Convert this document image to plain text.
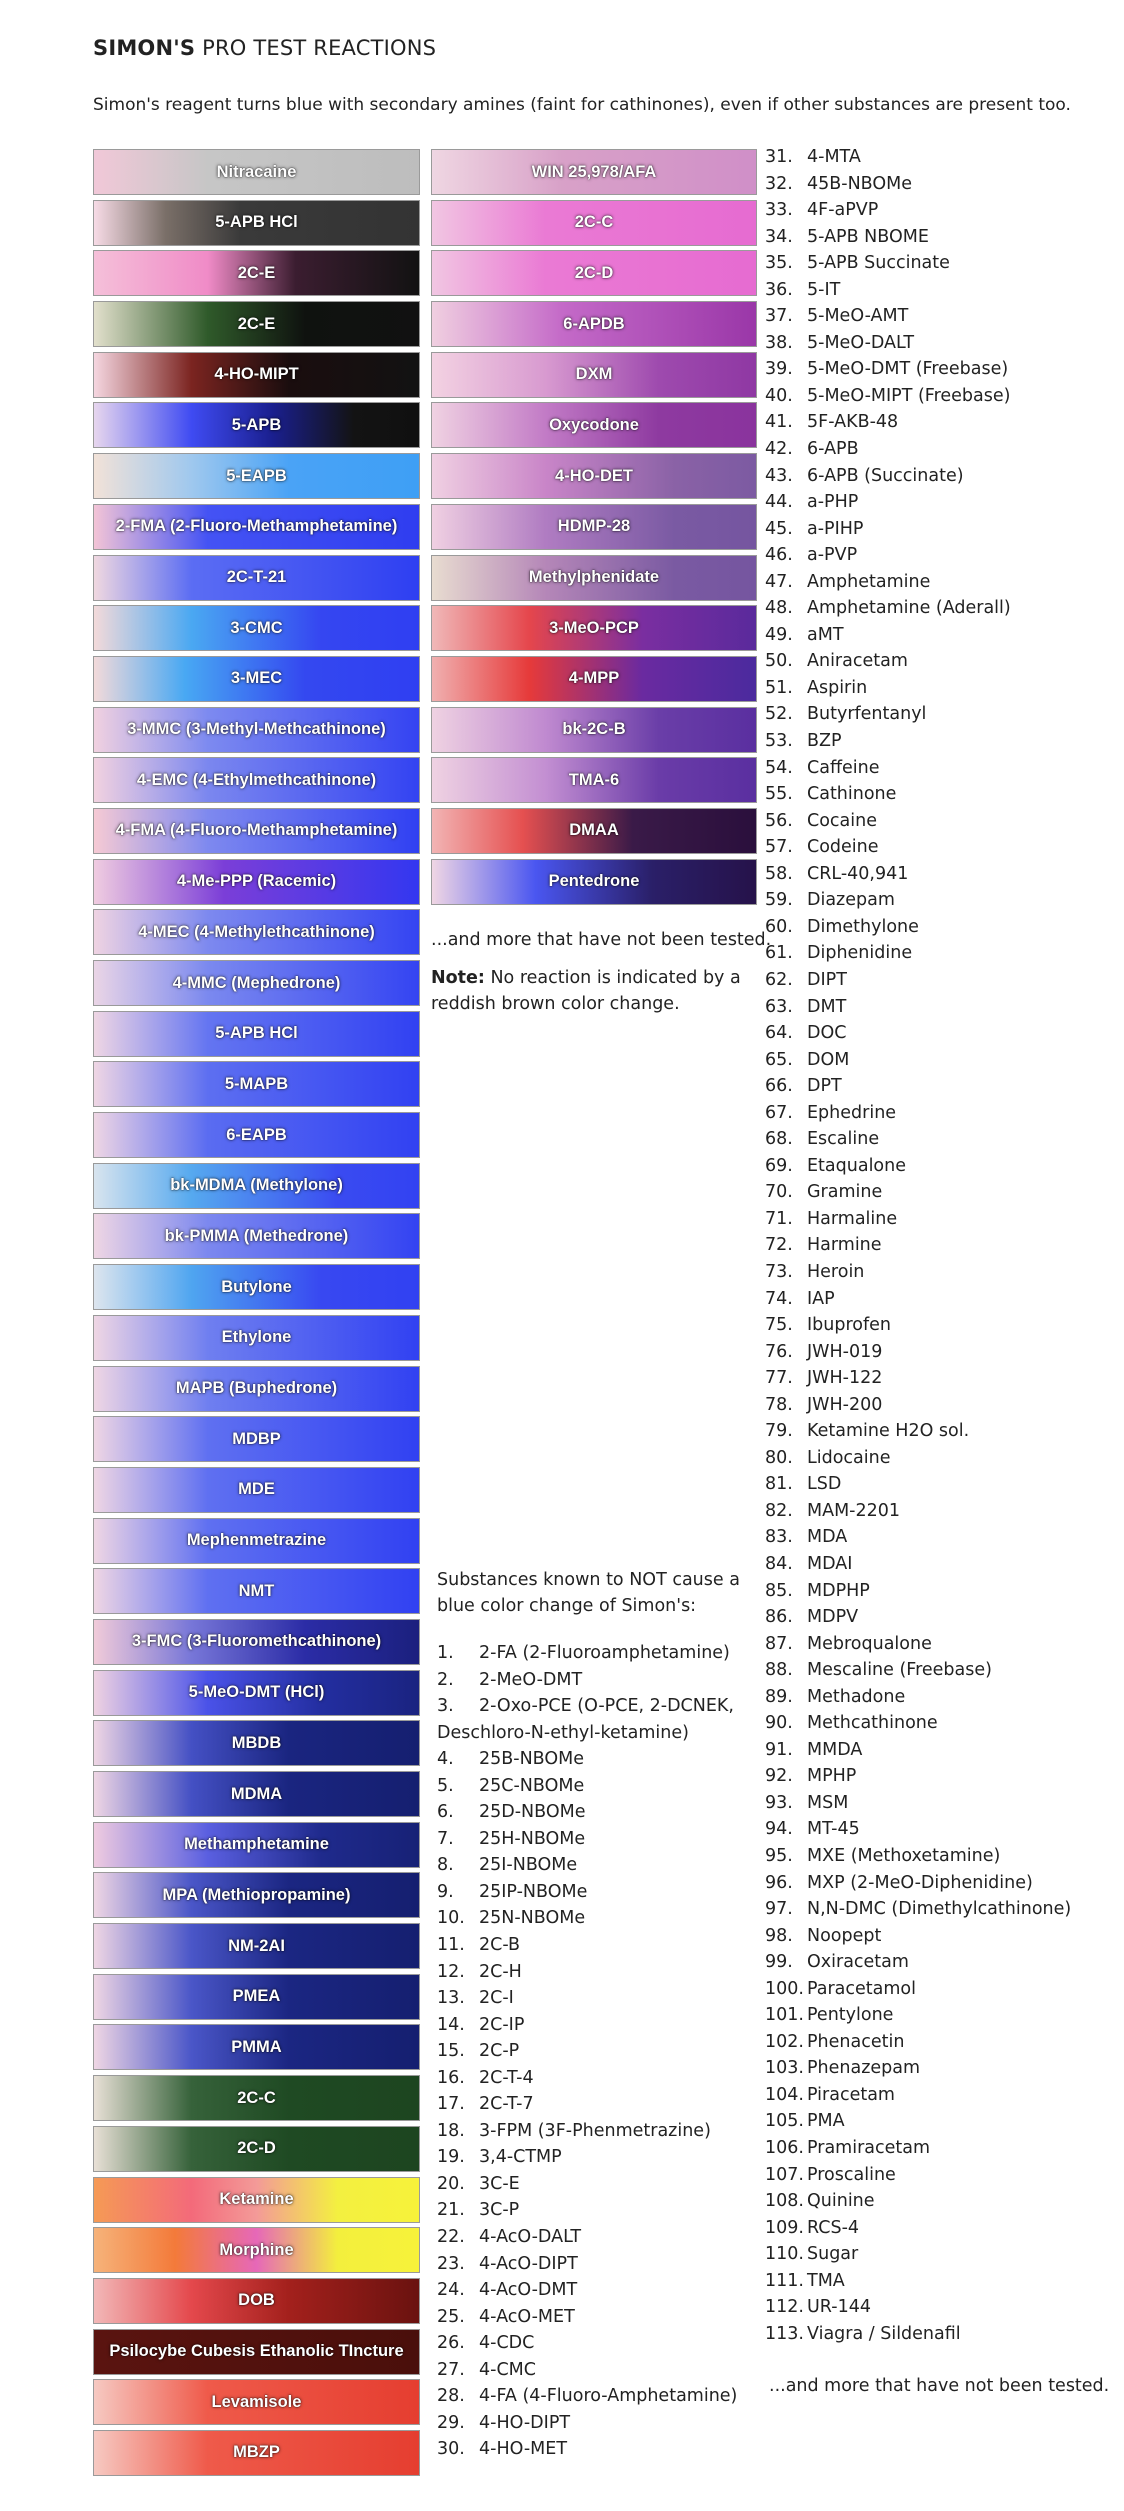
SIMON'S PRO TEST REACTIONS
Simon's reagent turns blue with secondary amines (faint for cathinones), even if other substances are present too.
Nitracaine
5-APB HCl
2C-E
2C-E
4-HO-MIPT
5-APB
5-EAPB
2-FMA (2-Fluoro-Methamphetamine)
2C-T-21
3-CMC
3-MEC
3-MMC (3-Methyl-Methcathinone)
4-EMC (4-Ethylmethcathinone)
4-FMA (4-Fluoro-Methamphetamine)
4-Me-PPP (Racemic)
4-MEC (4-Methylethcathinone)
4-MMC (Mephedrone)
5-APB HCl
5-MAPB
6-EAPB
bk-MDMA (Methylone)
bk-PMMA (Methedrone)
Butylone
Ethylone
MAPB (Buphedrone)
MDBP
MDE
Mephenmetrazine
NMT
3-FMC (3-Fluoromethcathinone)
5-MeO-DMT (HCl)
MBDB
MDMA
Methamphetamine
MPA (Methiopropamine)
NM-2AI
PMEA
PMMA
2C-C
2C-D
Ketamine
Morphine
DOB
Psilocybe Cubesis Ethanolic TIncture
Levamisole
MBZP
WIN 25,978/AFA
2C-C
2C-D
6-APDB
DXM
Oxycodone
4-HO-DET
HDMP-28
Methylphenidate
3-MeO-PCP
4-MPP
bk-2C-B
TMA-6
DMAA
Pentedrone
...and more that have not been tested.
Note: No reaction is indicated by a reddish brown color change.
Substances known to NOT cause a blue color change of Simon's:
1.	2-FA (2-Fluoroamphetamine)
2.	2-MeO-DMT
3. 2-Oxo-PCE (O-PCE, 2-DCNEK, Deschloro-N-ethyl-ketamine)
4.	25B-NBOMe
5.	25C-NBOMe
6.	25D-NBOMe
7.	25H-NBOMe
8.	25I-NBOMe
9.	25IP-NBOMe
10. 25N-NBOMe
11. 2C-B
12. 2C-H
13. 2C-I
14. 2C-IP
15. 2C-P
16. 2C-T-4
17. 2C-T-7
18. 3-FPM (3F-Phenmetrazine)
19. 3,4-CTMP
20. 3C-E
21. 3C-P
22. 4-AcO-DALT
23. 4-AcO-DIPT
24. 4-AcO-DMT
25. 4-AcO-MET
26. 4-CDC
27. 4-CMC
28. 4-FA (4-Fluoro-Amphetamine)
29. 4-HO-DIPT
30. 4-HO-MET
31. 4-MTA
32. 45B-NBOMe
33. 4F-aPVP
34. 5-APB NBOME
35. 5-APB Succinate
36. 5-IT
37. 5-MeO-AMT
38. 5-MeO-DALT
39. 5-MeO-DMT (Freebase)
40. 5-MeO-MIPT (Freebase)
41. 5F-AKB-48
42. 6-APB
43. 6-APB (Succinate)
44. a-PHP
45. a-PIHP
46. a-PVP
47. Amphetamine
48. Amphetamine (Aderall)
49. aMT
50. Aniracetam
51. Aspirin
52. Butyrfentanyl
53. BZP
54. Caffeine
55. Cathinone
56. Cocaine
57. Codeine
58. CRL-40,941
59. Diazepam
60. Dimethylone
61. Diphenidine
62. DIPT
63. DMT
64. DOC
65. DOM
66. DPT
67. Ephedrine
68. Escaline
69. Etaqualone
70. Gramine
71. Harmaline
72. Harmine
73. Heroin
74. IAP
75. Ibuprofen
76. JWH-019
77. JWH-122
78. JWH-200
79. Ketamine H2O sol.
80. Lidocaine
81. LSD
82. MAM-2201
83. MDA
84. MDAI
85. MDPHP
86. MDPV
87. Mebroqualone
88. Mescaline (Freebase)
89. Methadone
90. Methcathinone
91. MMDA
92. MPHP
93. MSM
94. MT-45
95. MXE (Methoxetamine)
96. MXP (2-MeO-Diphenidine)
97. N,N-DMC (Dimethylcathinone)
98. Noopept
99. Oxiracetam
100. Paracetamol
101. Pentylone
102. Phenacetin
103. Phenazepam
104. Piracetam
105. PMA
106. Pramiracetam
107. Proscaline
108. Quinine
109. RCS-4
110. Sugar
111. TMA
112. UR-144
113. Viagra / Sildenafil
...and more that have not been tested.
